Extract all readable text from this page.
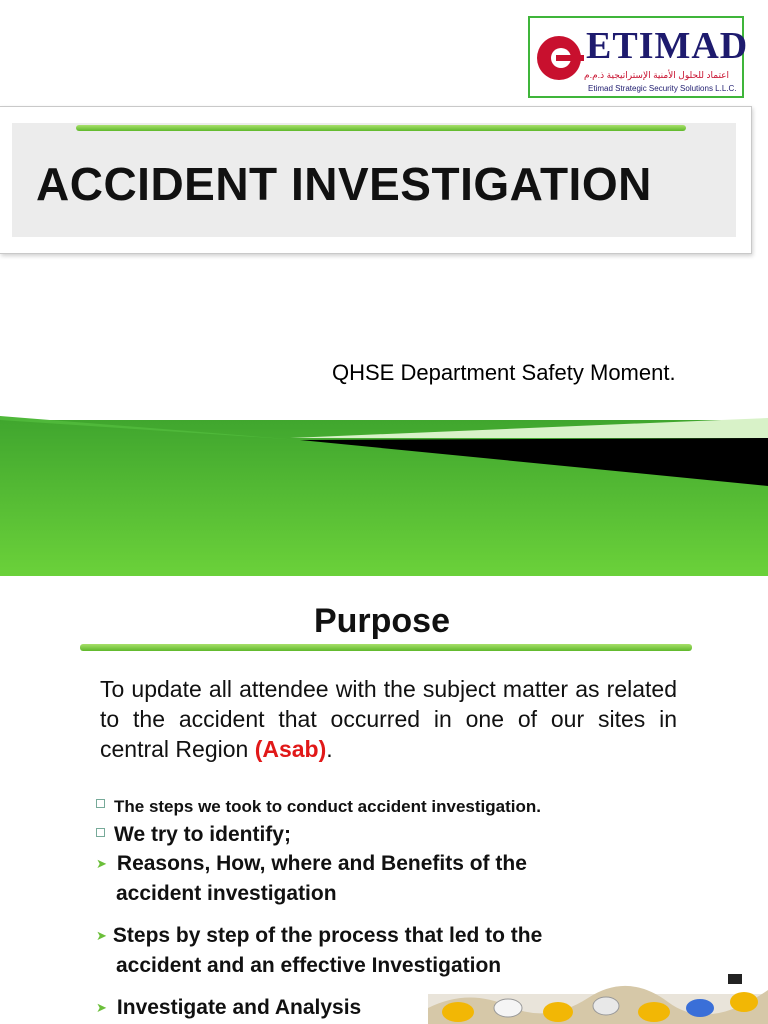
ETIMAD
اعتماد للحلول الأمنية الإستراتيجية ذ.م.م
Etimad Strategic Security Solutions L.L.C.
ACCIDENT INVESTIGATION
QHSE Department Safety Moment.
Purpose
To update all attendee with the subject matter as related to the accident that occurred in one of our sites in central Region (Asab).
The steps we took to conduct accident investigation.
We try to identify;
➤ Reasons, How, where and Benefits of the
accident investigation
➤ Steps by step of the process that led to the
accident and an effective Investigation
➤ Investigate and Analysis
